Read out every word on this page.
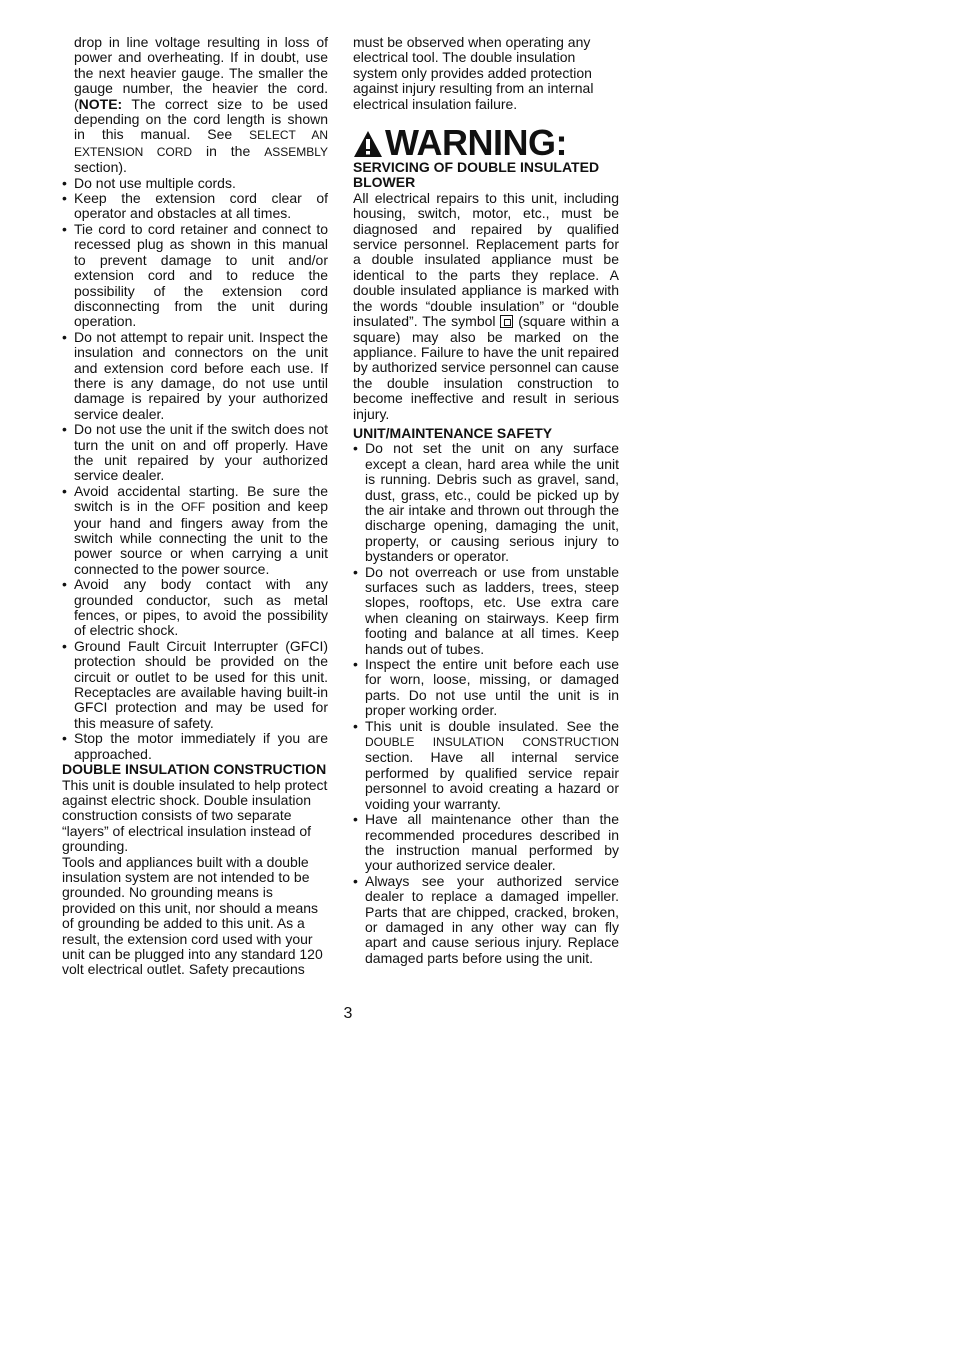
drop in line voltage resulting in loss of power and overheating. If in doubt, use the next heavier gauge. The smaller the gauge number, the heavier the cord. (NOTE: The correct size to be used depending on the cord length is shown in this manual. See SELECT AN EXTENSION CORD in the ASSEMBLY section).

• Do not use multiple cords.
• Keep the extension cord clear of operator and obstacles at all times.
• Tie cord to cord retainer and connect to recessed plug as shown in this manual to prevent damage to unit and/or extension cord and to reduce the possibility of the extension cord disconnecting from the unit during operation.
• Do not attempt to repair unit. Inspect the insulation and connectors on the unit and extension cord before each use. If there is any damage, do not use until damage is repaired by your authorized service dealer.
• Do not use the unit if the switch does not turn the unit on and off properly. Have the unit repaired by your authorized service dealer.
• Avoid accidental starting. Be sure the switch is in the OFF position and keep your hand and fingers away from the switch while connecting the unit to the power source or when carrying a unit connected to the power source.
• Avoid any body contact with any grounded conductor, such as metal fences, or pipes, to avoid the possibility of electric shock.
• Ground Fault Circuit Interrupter (GFCI) protection should be provided on the circuit or outlet to be used for this unit. Receptacles are available having built-in GFCI protection and may be used for this measure of safety.
• Stop the motor immediately if you are approached.

DOUBLE INSULATION CONSTRUCTION

This unit is double insulated to help protect against electric shock. Double insulation construction consists of two separate “layers” of electrical insulation instead of grounding.

Tools and appliances built with a double insulation system are not intended to be grounded. No grounding means is provided on this unit, nor should a means of grounding be added to this unit. As a result, the extension cord used with your unit can be plugged into any standard 120 volt electrical outlet. Safety precautions

must be observed when operating any electrical tool. The double insulation system only provides added protection against injury resulting from an internal electrical insulation failure.

WARNING:

SERVICING OF DOUBLE INSULATED BLOWER

All electrical repairs to this unit, including housing, switch, motor, etc., must be diagnosed and repaired by qualified service personnel. Replacement parts for a double insulated appliance must be identical to the parts they replace. A double insulated appliance is marked with the words “double insulation” or “double insulated”. The symbol  (square within a square) may also be marked on the appliance. Failure to have the unit repaired by authorized service personnel can cause the double insulation construction to become ineffective and result in serious injury.

UNIT/MAINTENANCE SAFETY

• Do not set the unit on any surface except a clean, hard area while the unit is running. Debris such as gravel, sand, dust, grass, etc., could be picked up by the air intake and thrown out through the discharge opening, damaging the unit, property, or causing serious injury to bystanders or operator.
• Do not overreach or use from unstable surfaces such as ladders, trees, steep slopes, rooftops, etc. Use extra care when cleaning on stairways. Keep firm footing and balance at all times. Keep hands out of tubes.
• Inspect the entire unit before each use for worn, loose, missing, or damaged parts. Do not use until the unit is in proper working order.
• This unit is double insulated. See the DOUBLE INSULATION CONSTRUCTION section. Have all internal service performed by qualified service repair personnel to avoid creating a hazard or voiding your warranty.
• Have all maintenance other than the recommended procedures described in the instruction manual performed by your authorized service dealer.
• Always see your authorized service dealer to replace a damaged impeller. Parts that are chipped, cracked, broken, or damaged in any other way can fly apart and cause serious injury. Replace damaged parts before using the unit.
3
